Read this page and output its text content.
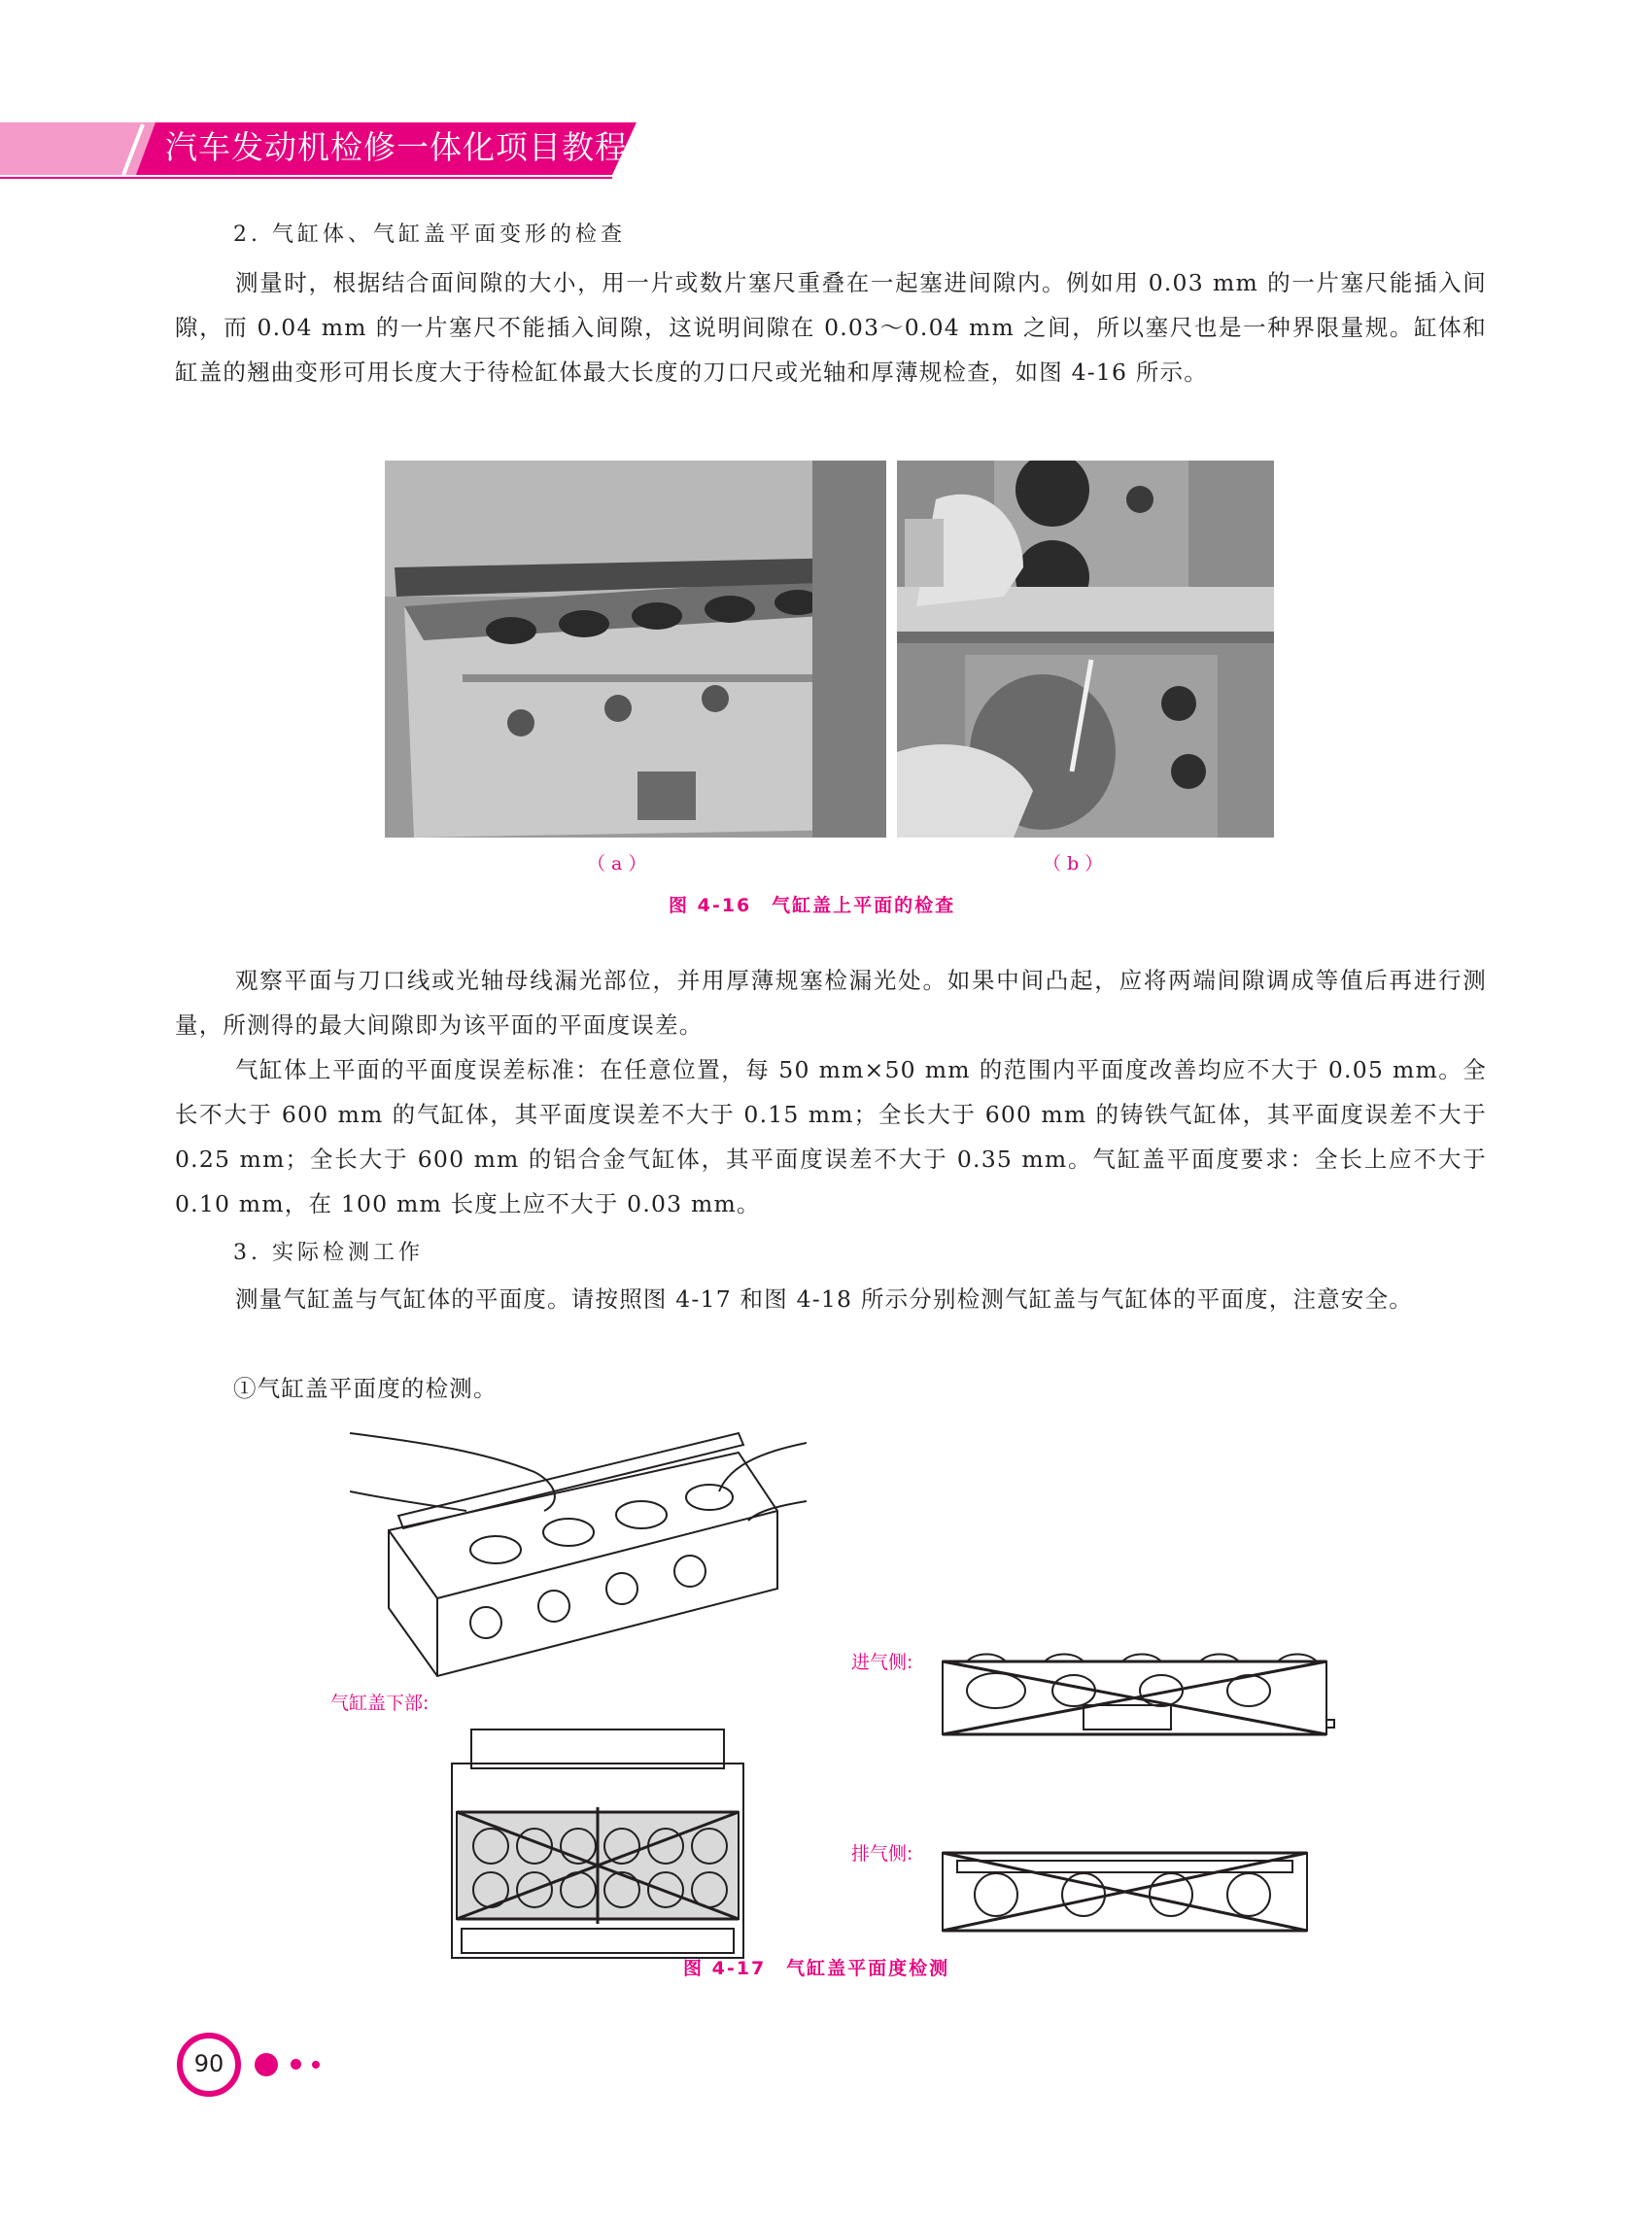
汽车发动机检修一体化项目教程
2. 气缸体、气缸盖平面变形的检查
测量时，根据结合面间隙的大小，用一片或数片塞尺重叠在一起塞进间隙内。例如用 0.03 mm 的一片塞尺能插入间隙，而 0.04 mm 的一片塞尺不能插入间隙，这说明间隙在 0.03～0.04 mm 之间，所以塞尺也是一种界限量规。缸体和缸盖的翘曲变形可用长度大于待检缸体最大长度的刀口尺或光轴和厚薄规检查，如图 4-16 所示。
（a）	（b）
图 4-16　气缸盖上平面的检查
观察平面与刀口线或光轴母线漏光部位，并用厚薄规塞检漏光处。如果中间凸起，应将两端间隙调成等值后再进行测量，所测得的最大间隙即为该平面的平面度误差。
气缸体上平面的平面度误差标准：在任意位置，每 50 mm×50 mm 的范围内平面度改善均应不大于 0.05 mm。全长不大于 600 mm 的气缸体，其平面度误差不大于 0.15 mm；全长大于 600 mm 的铸铁气缸体，其平面度误差不大于 0.25 mm；全长大于 600 mm 的铝合金气缸体，其平面度误差不大于 0.35 mm。气缸盖平面度要求：全长上应不大于 0.10 mm，在 100 mm 长度上应不大于 0.03 mm。
3. 实际检测工作
测量气缸盖与气缸体的平面度。请按照图 4-17 和图 4-18 所示分别检测气缸盖与气缸体的平面度，注意安全。
①气缸盖平面度的检测。
气缸盖下部:
进气侧:
排气侧:
图 4-17　气缸盖平面度检测
90
